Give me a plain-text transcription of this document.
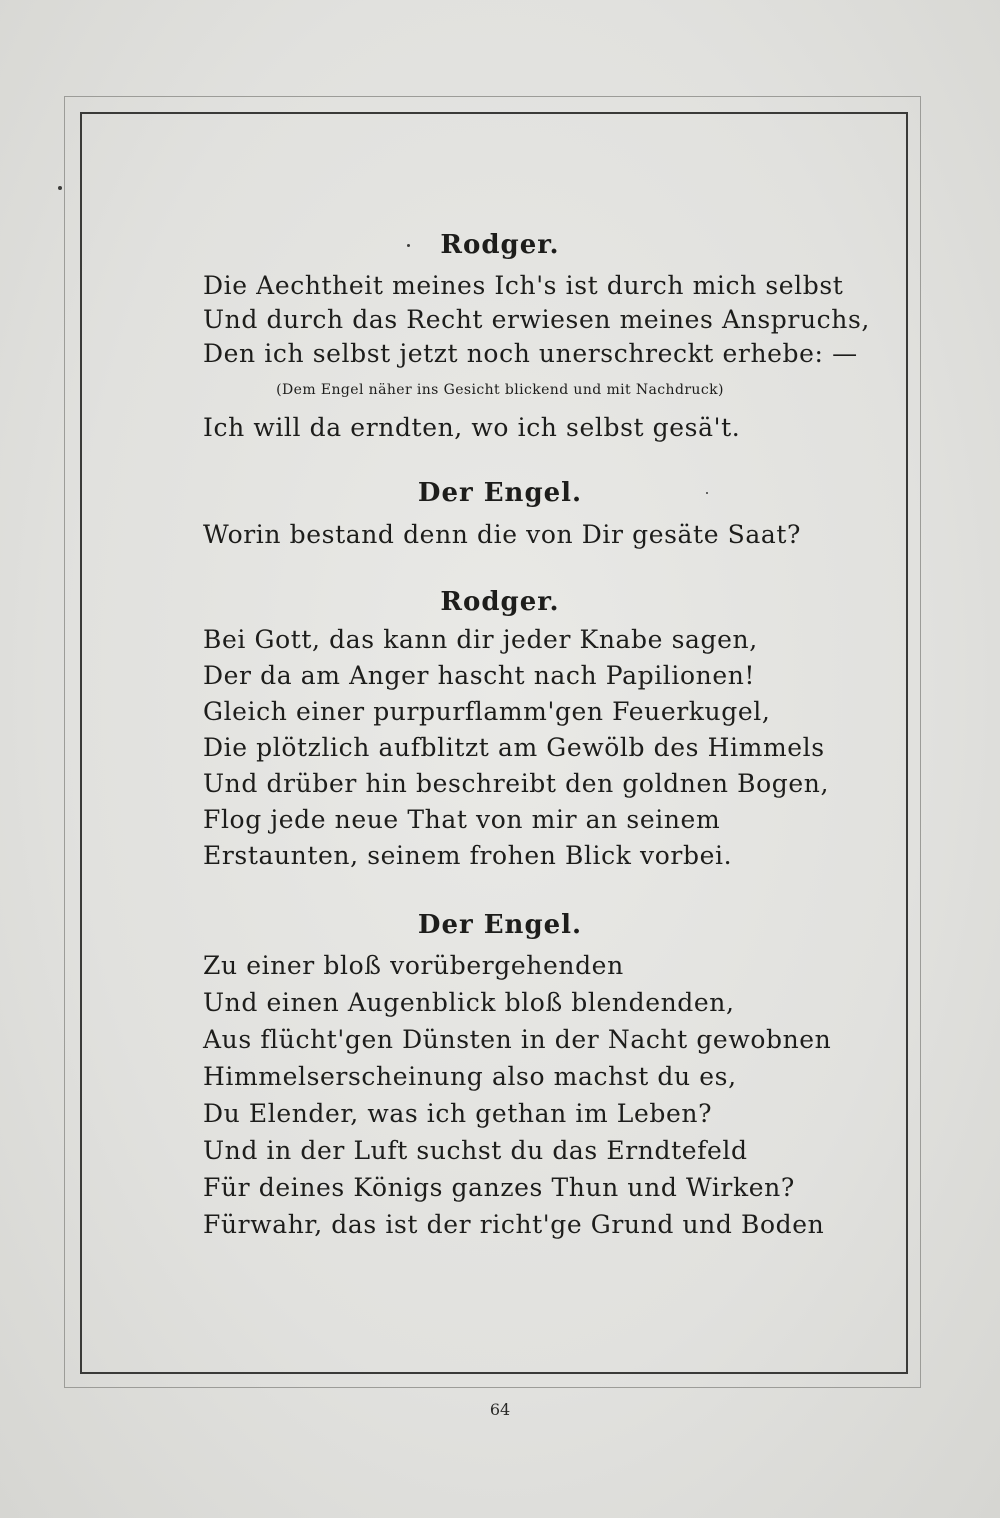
Rodger.
Die Aechtheit meines Ich's ist durch mich selbst
Und durch das Recht erwiesen meines Anspruchs,
Den ich selbst jetzt noch unerschreckt erhebe: —
(Dem Engel näher ins Gesicht blickend und mit Nachdruck)
Ich will da erndten, wo ich selbst gesä't.
Der Engel.
Worin bestand denn die von Dir gesäte Saat?
Rodger.
Bei Gott, das kann dir jeder Knabe sagen,
Der da am Anger hascht nach Papilionen!
Gleich einer purpurflamm'gen Feuerkugel,
Die plötzlich aufblitzt am Gewölb des Himmels
Und drüber hin beschreibt den goldnen Bogen,
Flog jede neue That von mir an seinem
Erstaunten, seinem frohen Blick vorbei.
Der Engel.
Zu einer bloß vorübergehenden
Und einen Augenblick bloß blendenden,
Aus flücht'gen Dünsten in der Nacht gewobnen
Himmelserscheinung also machst du es,
Du Elender, was ich gethan im Leben?
Und in der Luft suchst du das Erndtefeld
Für deines Königs ganzes Thun und Wirken?
Fürwahr, das ist der richt'ge Grund und Boden
64
